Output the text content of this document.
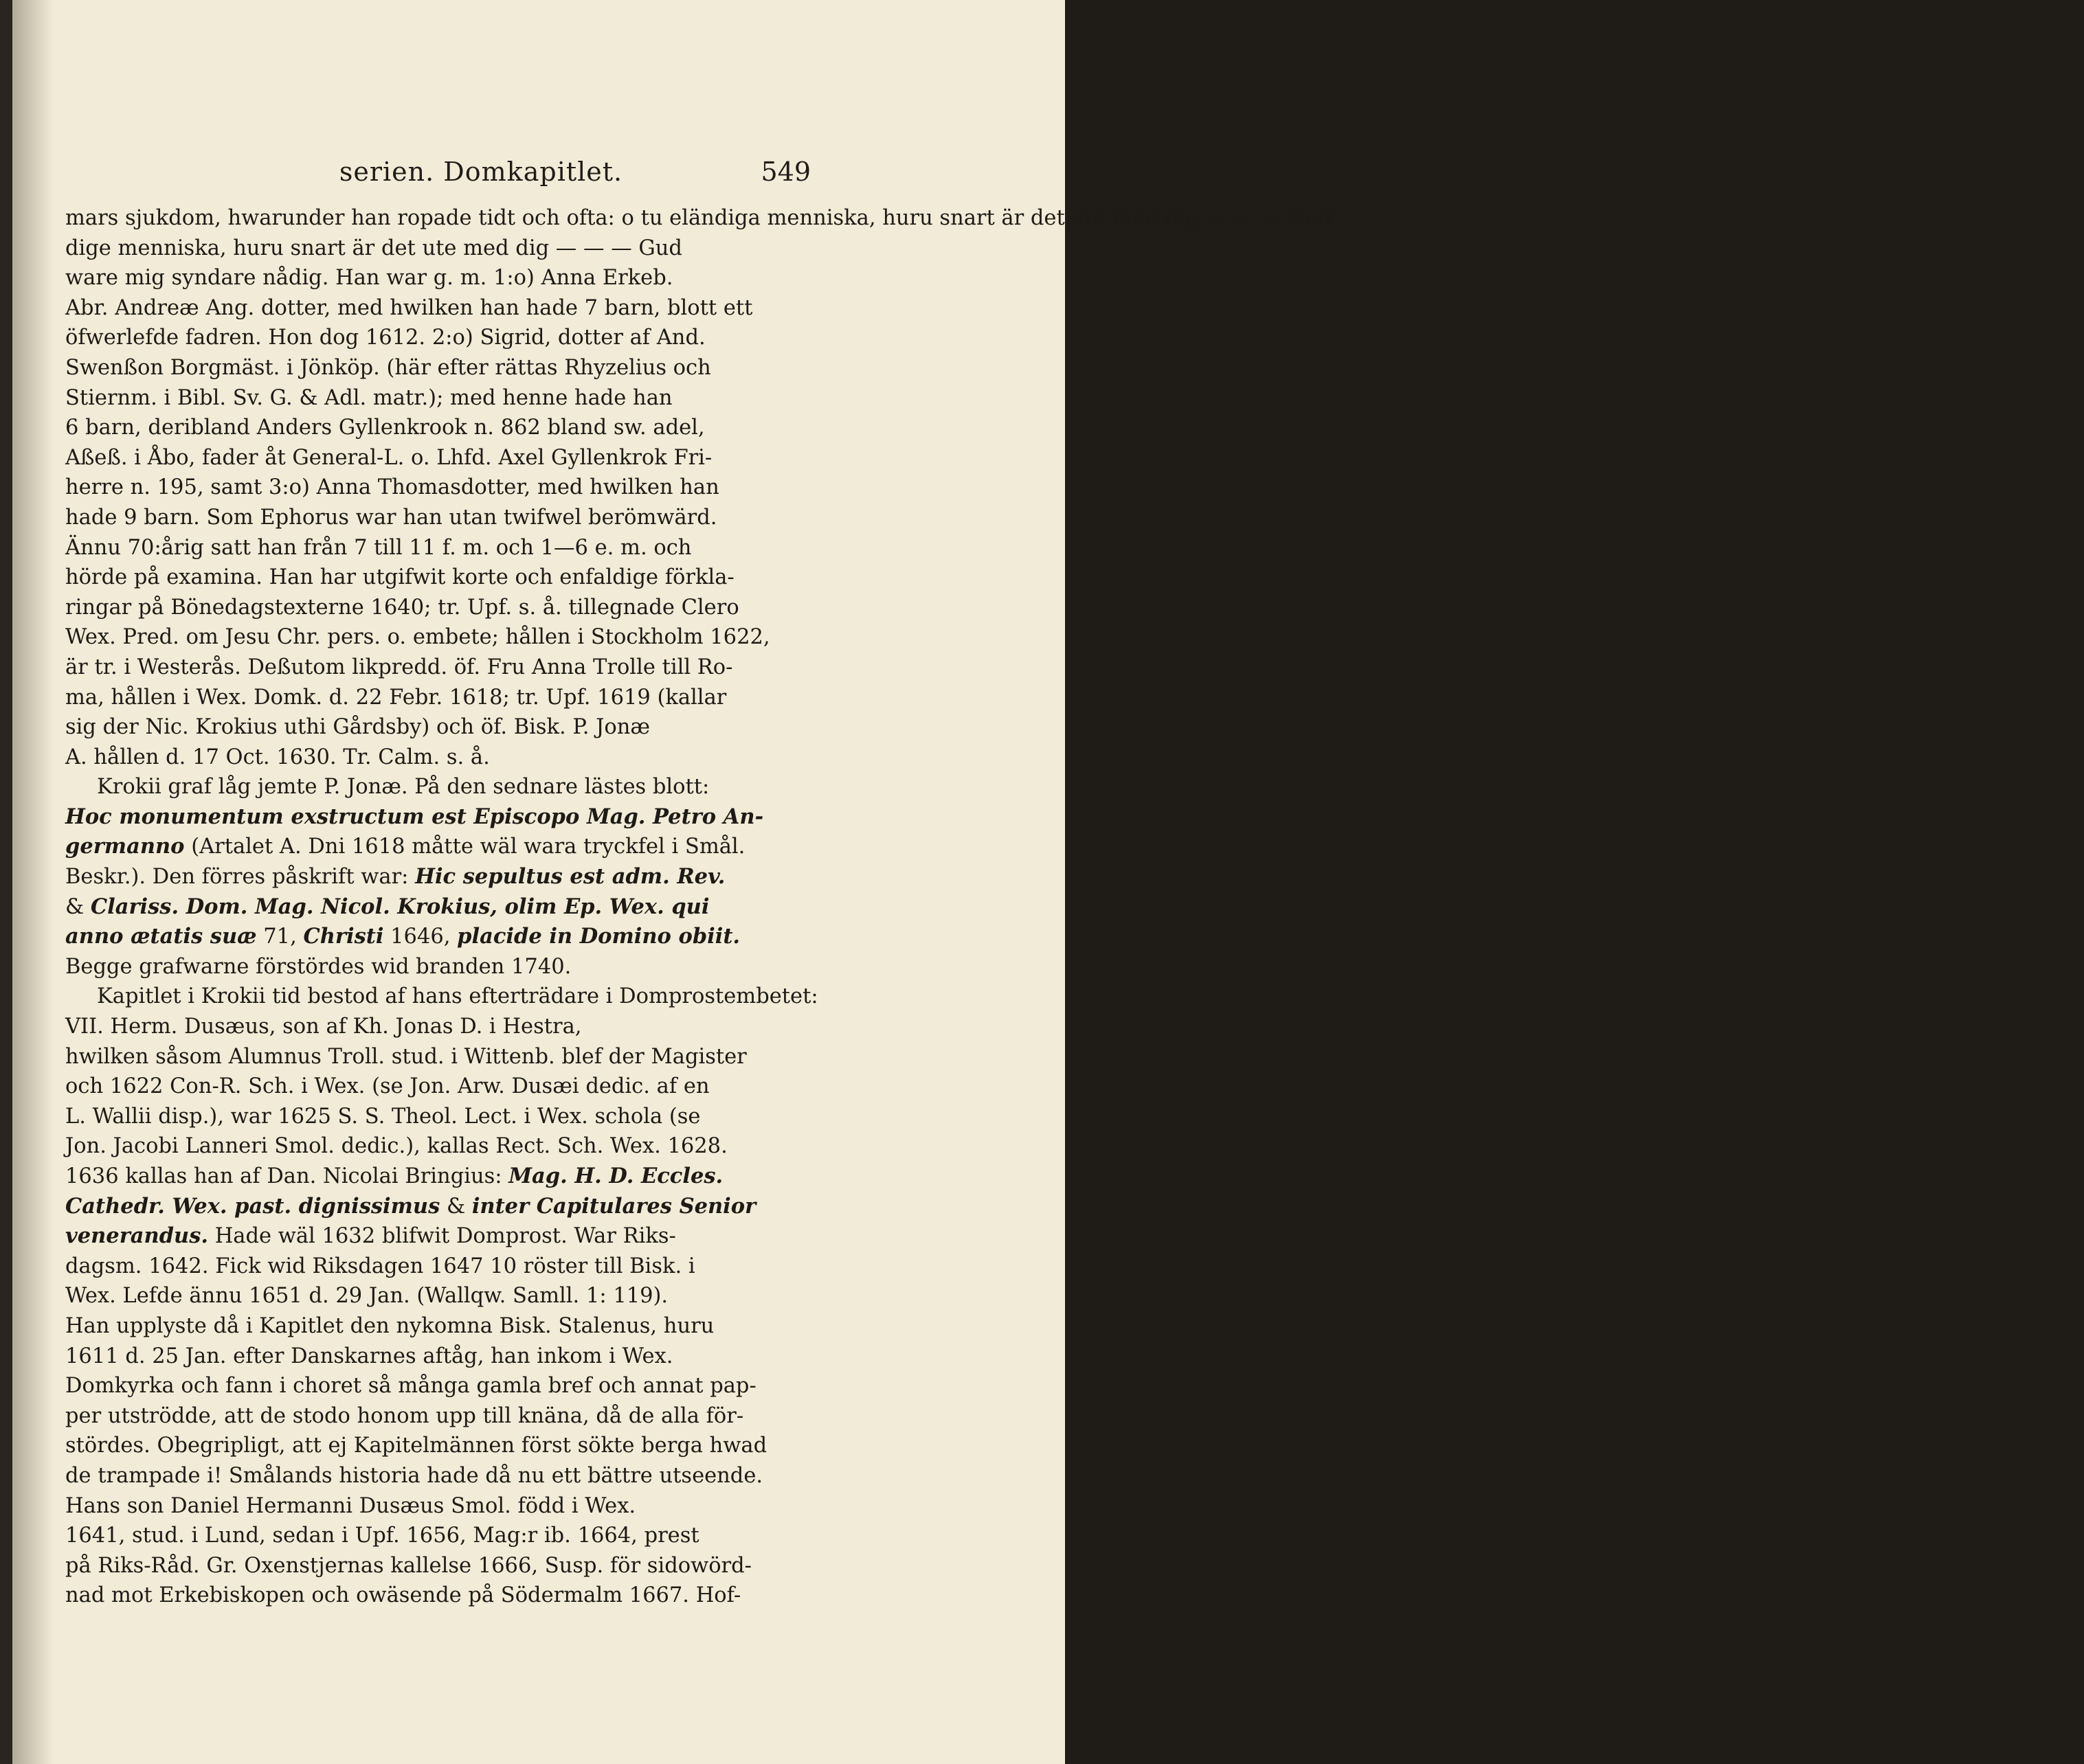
serien. Domkapitlet.	549
mars sjukdom, hwarunder han ropade tidt och ofta: o tu eländiga menniska, huru snart är det ute med dig — — — Gud
dige menniska, huru snart är det ute med dig — — — Gud
ware mig syndare nådig. Han war g. m. 1:o) Anna Erkeb.
Abr. Andreæ Ang. dotter, med hwilken han hade 7 barn, blott ett
öfwerlefde fadren. Hon dog 1612. 2:o) Sigrid, dotter af And.
Swenßon Borgmäst. i Jönköp. (här efter rättas Rhyzelius och
Stiernm. i Bibl. Sv. G. & Adl. matr.); med henne hade han
6 barn, deribland Anders Gyllenkrook n. 862 bland sw. adel,
Aßeß. i Åbo, fader åt General-L. o. Lhfd. Axel Gyllenkrok Fri-
herre n. 195, samt 3:o) Anna Thomasdotter, med hwilken han
hade 9 barn. Som Ephorus war han utan twifwel berömwärd.
Ännu 70:årig satt han från 7 till 11 f. m. och 1—6 e. m. och
hörde på examina. Han har utgifwit korte och enfaldige förkla-
ringar på Bönedagstexterne 1640; tr. Upf. s. å. tillegnade Clero
Wex. Pred. om Jesu Chr. pers. o. embete; hållen i Stockholm 1622,
är tr. i Westerås. Deßutom likpredd. öf. Fru Anna Trolle till Ro-
ma, hållen i Wex. Domk. d. 22 Febr. 1618; tr. Upf. 1619 (kallar
sig der Nic. Krokius uthi Gårdsby) och öf. Bisk. P. Jonæ
A. hållen d. 17 Oct. 1630. Tr. Calm. s. å.
Krokii graf låg jemte P. Jonæ. På den sednare lästes blott:
Hoc monumentum exstructum est Episcopo Mag. Petro An-
germanno (Artalet A. Dni 1618 måtte wäl wara tryckfel i Smål.
Beskr.). Den förres påskrift war: Hic sepultus est adm. Rev.
& Clariss. Dom. Mag. Nicol. Krokius, olim Ep. Wex. qui
anno ætatis suæ 71, Christi 1646, placide in Domino obiit.
Begge grafwarne förstördes wid branden 1740.
Kapitlet i Krokii tid bestod af hans efterträdare i Domprostembetet:
VII. Herm. Dusæus, son af Kh. Jonas D. i Hestra,
hwilken såsom Alumnus Troll. stud. i Wittenb. blef der Magister
och 1622 Con-R. Sch. i Wex. (se Jon. Arw. Dusæi dedic. af en
L. Wallii disp.), war 1625 S. S. Theol. Lect. i Wex. schola (se
Jon. Jacobi Lanneri Smol. dedic.), kallas Rect. Sch. Wex. 1628.
1636 kallas han af Dan. Nicolai Bringius: Mag. H. D. Eccles.
Cathedr. Wex. past. dignissimus & inter Capitulares Senior
venerandus. Hade wäl 1632 blifwit Domprost. War Riks-
dagsm. 1642. Fick wid Riksdagen 1647 10 röster till Bisk. i
Wex. Lefde ännu 1651 d. 29 Jan. (Wallqw. Samll. 1: 119).
Han upplyste då i Kapitlet den nykomna Bisk. Stalenus, huru
1611 d. 25 Jan. efter Danskarnes aftåg, han inkom i Wex.
Domkyrka och fann i choret så många gamla bref och annat pap-
per utströdde, att de stodo honom upp till knäna, då de alla för-
stördes. Obegripligt, att ej Kapitelmännen först sökte berga hwad
de trampade i! Smålands historia hade då nu ett bättre utseende.
Hans son Daniel Hermanni Dusæus Smol. född i Wex.
1641, stud. i Lund, sedan i Upf. 1656, Mag:r ib. 1664, prest
på Riks-Råd. Gr. Oxenstjernas kallelse 1666, Susp. för sidowörd-
nad mot Erkebiskopen och owäsende på Södermalm 1667. Hof-
